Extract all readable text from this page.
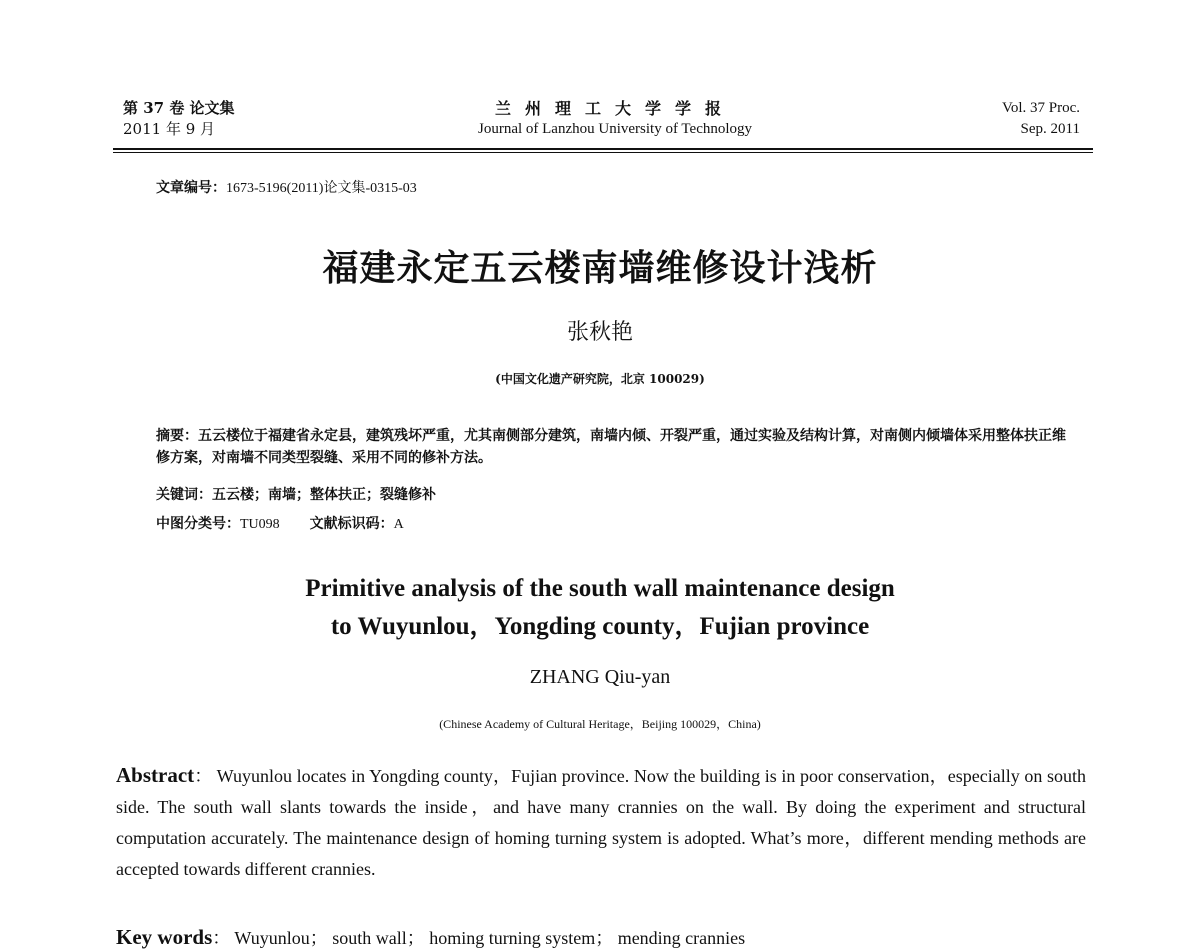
第 37 卷 论文集
2011 年 9 月
兰州理工大学学报
Journal of Lanzhou University of Technology
Vol. 37 Proc.
Sep. 2011
文章编号：1673-5196(2011)论文集-0315-03
福建永定五云楼南墙维修设计浅析
张秋艳
(中国文化遗产研究院，北京 100029)
摘要：五云楼位于福建省永定县，建筑残坏严重，尤其南侧部分建筑，南墙内倾、开裂严重，通过实验及结构计算，对南侧内倾墙体采用整体扶正维修方案，对南墙不同类型裂缝、采用不同的修补方法。
关键词：五云楼；南墙；整体扶正；裂缝修补
中图分类号：TU098 文献标识码：A
Primitive analysis of the south wall maintenance design
to Wuyunlou，Yongding county，Fujian province
ZHANG Qiu-yan
(Chinese Academy of Cultural Heritage，Beijing 100029，China)
Abstract： Wuyunlou locates in Yongding county，Fujian province. Now the building is in poor conservation，especially on south side. The south wall slants towards the inside，and have many crannies on the wall. By doing the experiment and structural computation accurately. The maintenance design of homing turning system is adopted. What’s more，different mending methods are accepted towards different crannies.
Key words： Wuyunlou； south wall； homing turning system； mending crannies
